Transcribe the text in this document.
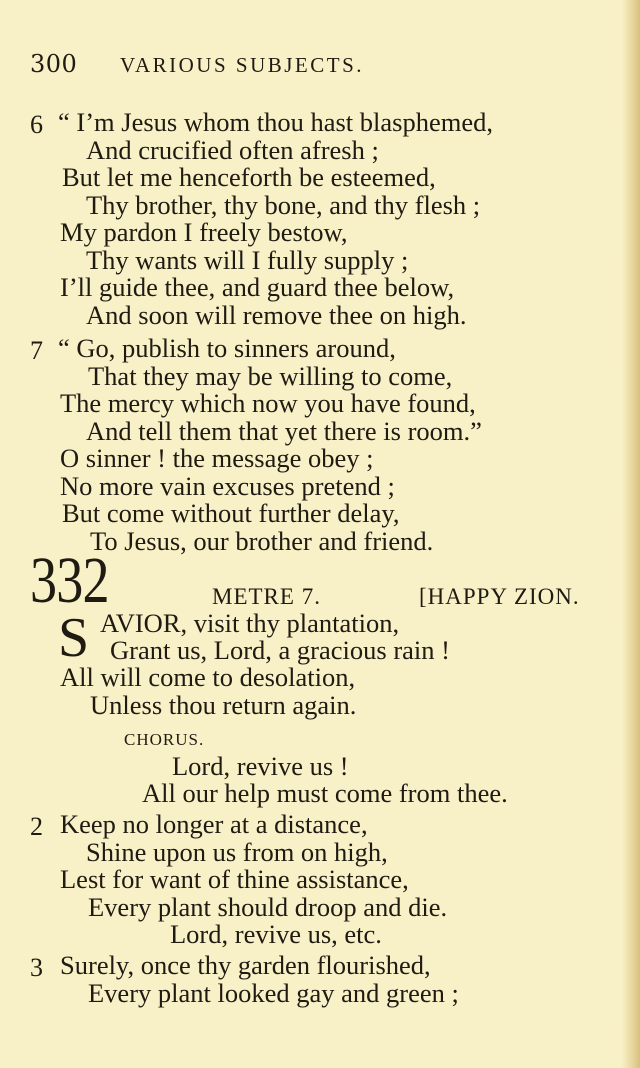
300	VARIOUS SUBJECTS.
6 “ I’m Jesus whom thou hast blasphemed,
And crucified often afresh ;
But let me henceforth be esteemed,
Thy brother, thy bone, and thy flesh ;
My pardon I freely bestow,
Thy wants will I fully supply ;
I’ll guide thee, and guard thee below,
And soon will remove thee on high.
7 “ Go, publish to sinners around,
That they may be willing to come,
The mercy which now you have found,
And tell them that yet there is room.”
O sinner ! the message obey ;
No more vain excuses pretend ;
But come without further delay,
To Jesus, our brother and friend.
332	METRE 7.	[HAPPY ZION.
S AVIOR, visit thy plantation,
Grant us, Lord, a gracious rain !
All will come to desolation,
Unless thou return again.
CHORUS.
Lord, revive us !
All our help must come from thee.
2 Keep no longer at a distance,
Shine upon us from on high,
Lest for want of thine assistance,
Every plant should droop and die.
Lord, revive us, etc.
3 Surely, once thy garden flourished,
Every plant looked gay and green ;
